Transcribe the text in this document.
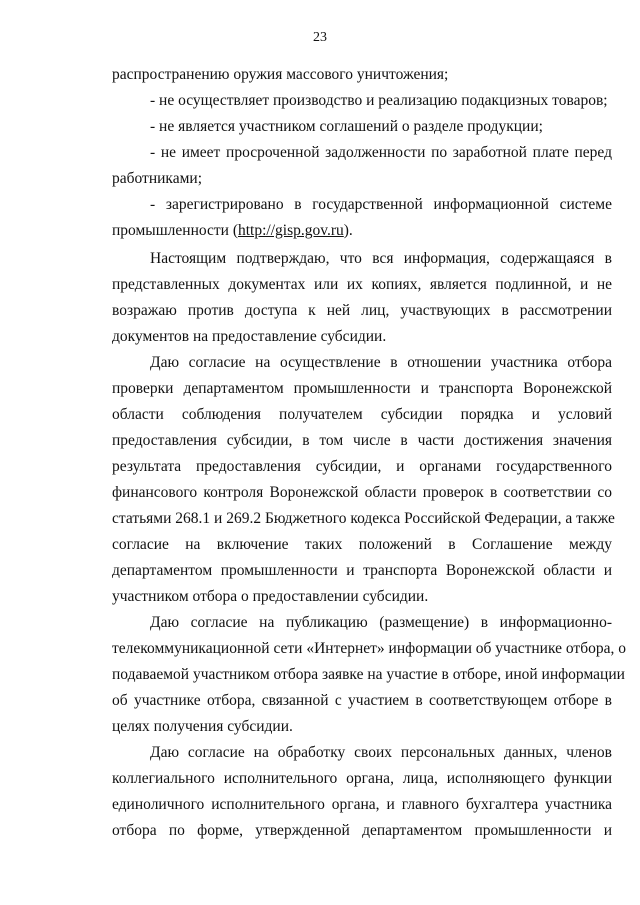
23
распространению оружия массового уничтожения;
- не осуществляет производство и реализацию подакцизных товаров;
- не является участником соглашений о разделе продукции;
- не имеет просроченной задолженности по заработной плате перед
работниками;
- зарегистрировано в государственной информационной системе
промышленности (http://gisp.gov.ru).
Настоящим подтверждаю, что вся информация, содержащаяся в
представленных документах или их копиях, является подлинной, и не
возражаю против доступа к ней лиц, участвующих в рассмотрении
документов на предоставление субсидии.
Даю согласие на осуществление в отношении участника отбора
проверки департаментом промышленности и транспорта Воронежской
области соблюдения получателем субсидии порядка и условий
предоставления субсидии, в том числе в части достижения значения
результата предоставления субсидии, и органами государственного
финансового контроля Воронежской области проверок в соответствии со
статьями 268.1 и 269.2 Бюджетного кодекса Российской Федерации, а также
согласие на включение таких положений в Соглашение между
департаментом промышленности и транспорта Воронежской области и
участником отбора о предоставлении субсидии.
Даю согласие на публикацию (размещение) в информационно-
телекоммуникационной сети «Интернет» информации об участнике отбора, о
подаваемой участником отбора заявке на участие в отборе, иной информации
об участнике отбора, связанной с участием в соответствующем отборе в
целях получения субсидии.
Даю согласие на обработку своих персональных данных, членов
коллегиального исполнительного органа, лица, исполняющего функции
единоличного исполнительного органа, и главного бухгалтера участника
отбора по форме, утвержденной департаментом промышленности и
